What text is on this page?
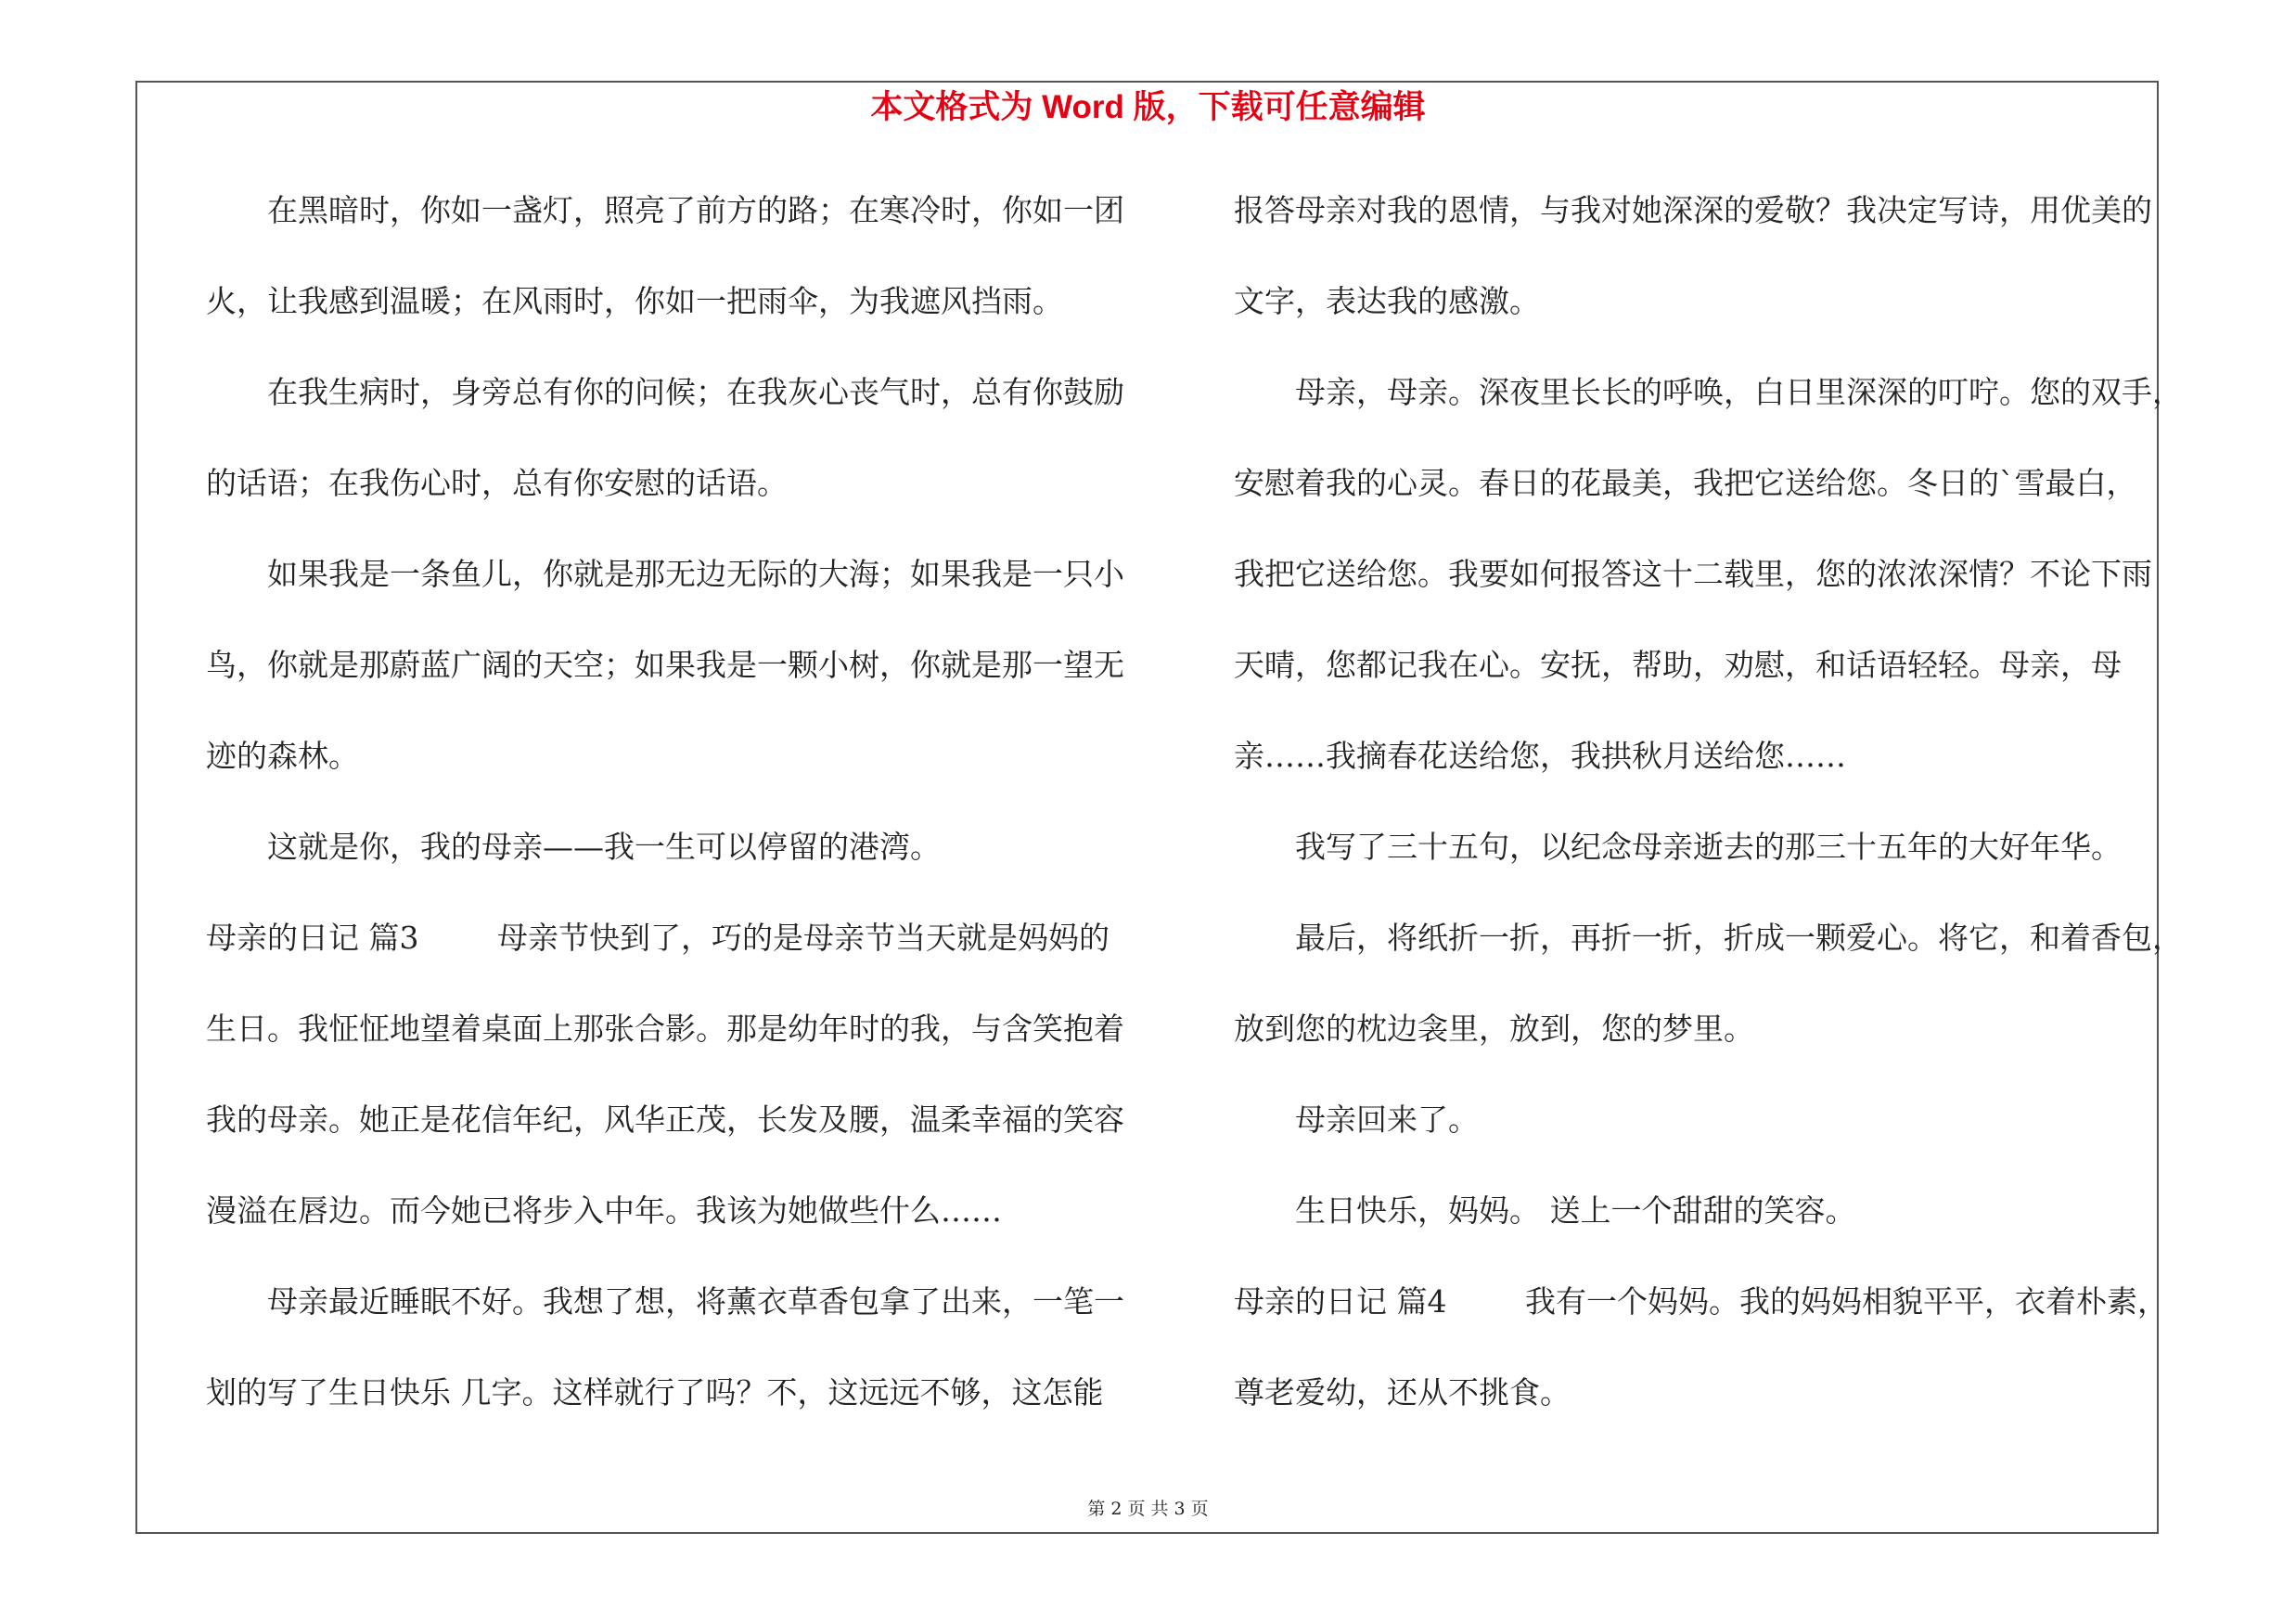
本文格式为 Word 版，下载可任意编辑
在黑暗时，你如一盏灯，照亮了前方的路；在寒冷时，你如一团
火，让我感到温暖；在风雨时，你如一把雨伞，为我遮风挡雨。
在我生病时，身旁总有你的问候；在我灰心丧气时，总有你鼓励
的话语；在我伤心时，总有你安慰的话语。
如果我是一条鱼儿，你就是那无边无际的大海；如果我是一只小
鸟，你就是那蔚蓝广阔的天空；如果我是一颗小树，你就是那一望无
迹的森林。
这就是你，我的母亲——我一生可以停留的港湾。
母亲的日记 篇3	母亲节快到了，巧的是母亲节当天就是妈妈的
生日。我怔怔地望着桌面上那张合影。那是幼年时的我，与含笑抱着
我的母亲。她正是花信年纪，风华正茂，长发及腰，温柔幸福的笑容
漫溢在唇边。而今她已将步入中年。我该为她做些什么……
母亲最近睡眠不好。我想了想，将薰衣草香包拿了出来，一笔一
划的写了生日快乐 几字。这样就行了吗？不，这远远不够，这怎能
报答母亲对我的恩情，与我对她深深的爱敬？我决定写诗，用优美的
文字，表达我的感激。
母亲，母亲。深夜里长长的呼唤，白日里深深的叮咛。您的双手，
安慰着我的心灵。春日的花最美，我把它送给您。冬日的`雪最白，
我把它送给您。我要如何报答这十二载里，您的浓浓深情？不论下雨
天晴，您都记我在心。安抚，帮助，劝慰，和话语轻轻。母亲，母
亲……我摘春花送给您，我拱秋月送给您……
我写了三十五句，以纪念母亲逝去的那三十五年的大好年华。
最后，将纸折一折，再折一折，折成一颗爱心。将它，和着香包，
放到您的枕边衾里，放到，您的梦里。
母亲回来了。
生日快乐，妈妈。 送上一个甜甜的笑容。
母亲的日记 篇4	我有一个妈妈。我的妈妈相貌平平，衣着朴素，
尊老爱幼，还从不挑食。
第 2 页 共 3 页
